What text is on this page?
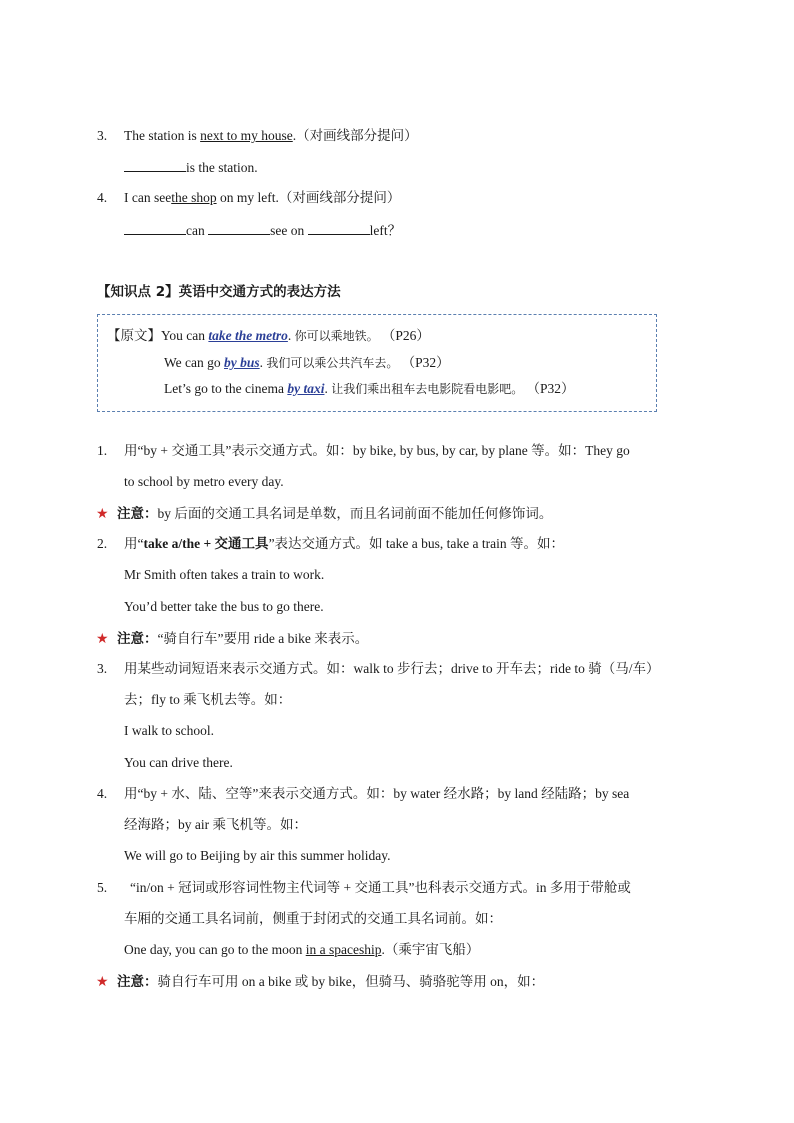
3. The station is next to my house.（对画线部分提问）
is the station.
4. I can seethe shop on my left.（对画线部分提问）
can	see on	left？
【知识点 2】英语中交通方式的表达方法
【原文】You can take the metro. 你可以乘地铁。 （P26）
We can go by bus. 我们可以乘公共汽车去。 （P32）
Let’s go to the cinema by taxi. 让我们乘出租车去电影院看电影吧。 （P32）
1. 用“by + 交通工具”表示交通方式。如：by bike, by bus, by car, by plane 等。如：They go
to school by metro every day.
★ 注意：by 后面的交通工具名词是单数，而且名词前面不能加任何修饰词。
2. 用“take a/the + 交通工具”表达交通方式。如 take a bus, take a train 等。如：
Mr Smith often takes a train to work.
You’d better take the bus to go there.
★ 注意：“骑自行车”要用 ride a bike 来表示。
3. 用某些动词短语来表示交通方式。如：walk to 步行去；drive to 开车去；ride to 骑（马/车）
去；fly to 乘飞机去等。如：
I walk to school.
You can drive there.
4. 用“by + 水、陆、空等”来表示交通方式。如：by water 经水路；by land 经陆路；by sea
经海路；by air 乘飞机等。如：
We will go to Beijing by air this summer holiday.
5. “in/on + 冠词或形容词性物主代词等 + 交通工具”也科表示交通方式。in 多用于带舱或
车厢的交通工具名词前，侧重于封闭式的交通工具名词前。如：
One day, you can go to the moon in a spaceship.（乘宇宙飞船）
★ 注意：骑自行车可用 on a bike 或 by bike，但骑马、骑骆驼等用 on，如：
